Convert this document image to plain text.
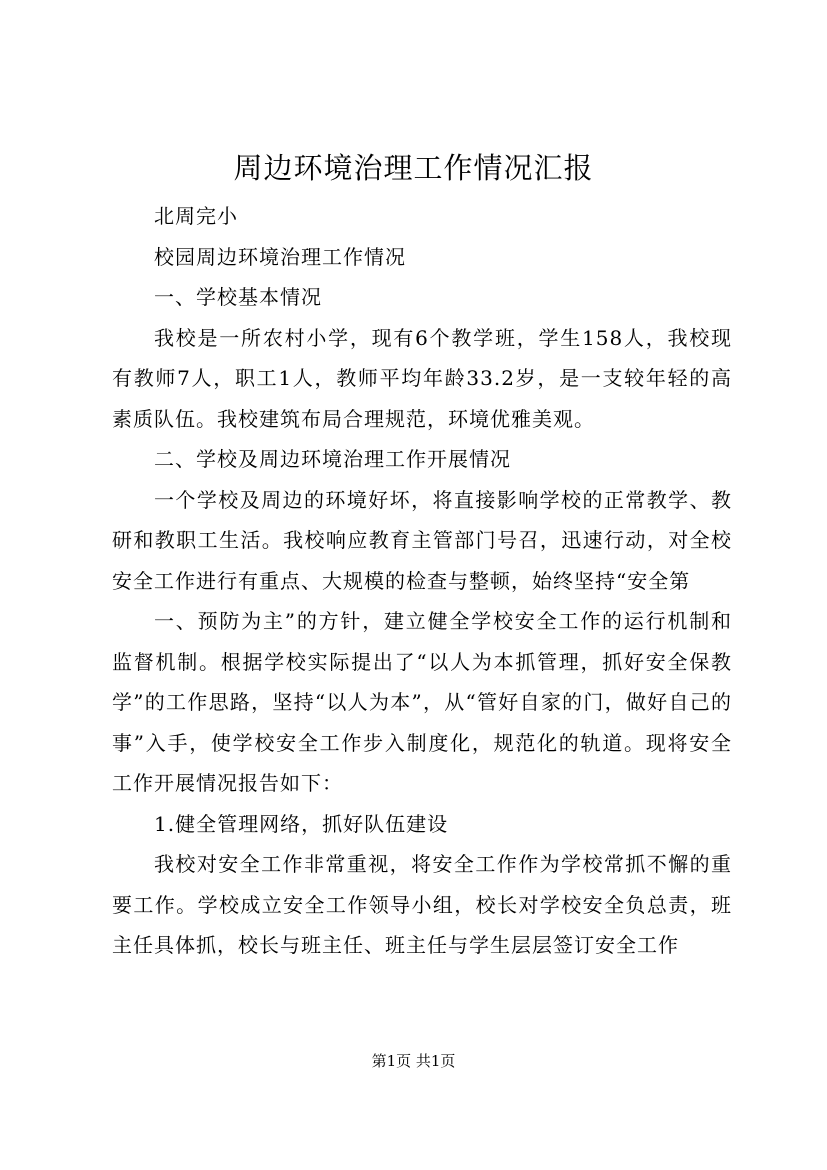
周边环境治理工作情况汇报

北周完小

校园周边环境治理工作情况

一、学校基本情况

我校是一所农村小学，现有6个教学班，学生158人，我校现有教师7人，职工1人，教师平均年龄33.2岁，是一支较年轻的高素质队伍。我校建筑布局合理规范，环境优雅美观。

二、学校及周边环境治理工作开展情况

一个学校及周边的环境好坏，将直接影响学校的正常教学、教研和教职工生活。我校响应教育主管部门号召，迅速行动，对全校安全工作进行有重点、大规模的检查与整顿，始终坚持“安全第

一、预防为主”的方针，建立健全学校安全工作的运行机制和监督机制。根据学校实际提出了“以人为本抓管理，抓好安全保教学”的工作思路，坚持“以人为本”，从“管好自家的门，做好自己的事”入手，使学校安全工作步入制度化，规范化的轨道。现将安全工作开展情况报告如下：

1.健全管理网络，抓好队伍建设

我校对安全工作非常重视，将安全工作作为学校常抓不懈的重要工作。学校成立安全工作领导小组，校长对学校安全负总责，班主任具体抓，校长与班主任、班主任与学生层层签订安全工作

第1页 共1页
